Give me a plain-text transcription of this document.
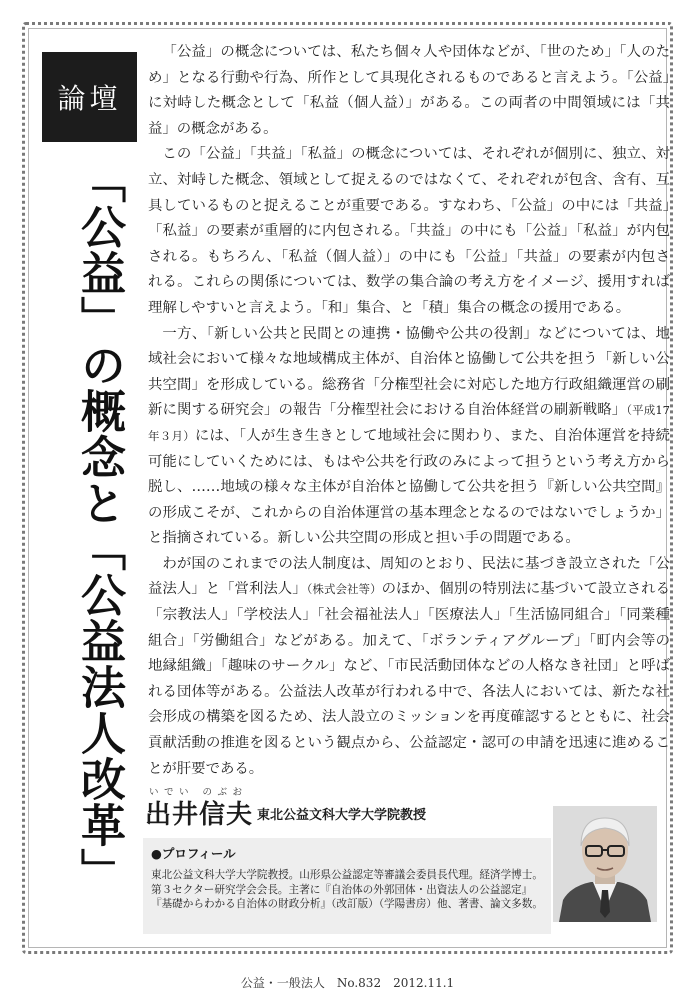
論壇
「公益」の概念と「公益法人改革」

「公益」の概念については、私たち個々人や団体などが、「世のため」「人のため」となる行動や行為、所作として具現化されるものであると言えよう。「公益」に対峙した概念として「私益（個人益）」がある。この両者の中間領域には「共益」の概念がある。

この「公益」「共益」「私益」の概念については、それぞれが個別に、独立、対立、対峙した概念、領域として捉えるのではなくて、それぞれが包含、含有、互具しているものと捉えることが重要である。すなわち、「公益」の中には「共益」「私益」の要素が重層的に内包される。「共益」の中にも「公益」「私益」が内包される。もちろん、「私益（個人益）」の中にも「公益」「共益」の要素が内包される。これらの関係については、数学の集合論の考え方をイメージ、援用すれば理解しやすいと言えよう。「和」集合、と「積」集合の概念の援用である。

一方、「新しい公共と民間との連携・協働や公共の役割」などについては、地域社会において様々な地域構成主体が、自治体と協働して公共を担う「新しい公共空間」を形成している。総務省「分権型社会に対応した地方行政組織運営の刷新に関する研究会」の報告「分権型社会における自治体経営の刷新戦略」（平成17年３月）には、「人が生き生きとして地域社会に関わり、また、自治体運営を持続可能にしていくためには、もはや公共を行政のみによって担うという考え方から脱し、……地域の様々な主体が自治体と協働して公共を担う『新しい公共空間』の形成こそが、これからの自治体運営の基本理念となるのではないでしょうか」と指摘されている。新しい公共空間の形成と担い手の問題である。

わが国のこれまでの法人制度は、周知のとおり、民法に基づき設立された「公益法人」と「営利法人」（株式会社等）のほか、個別の特別法に基づいて設立される「宗教法人」「学校法人」「社会福祉法人」「医療法人」「生活協同組合」「同業種組合」「労働組合」などがある。加えて、「ボランティアグループ」「町内会等の地縁組織」「趣味のサークル」など、「市民活動団体などの人格なき社団」と呼ばれる団体等がある。公益法人改革が行われる中で、各法人においては、新たな社会形成の構築を図るため、法人設立のミッションを再度確認するとともに、社会貢献活動の推進を図るという観点から、公益認定・認可の申請を迅速に進めることが肝要である。

いでい のぶお
出井信夫 東北公益文科大学大学院教授
●プロフィール
東北公益文科大学大学院教授。山形県公益認定等審議会委員長代理。経済学博士。第３セクター研究学会会長。主著に『自治体の外郭団体・出資法人の公益認定』『基礎からわかる自治体の財政分析』（改訂版）（学陽書房）他、著書、論文多数。
公益・一般法人　No.832　2012.11.1
